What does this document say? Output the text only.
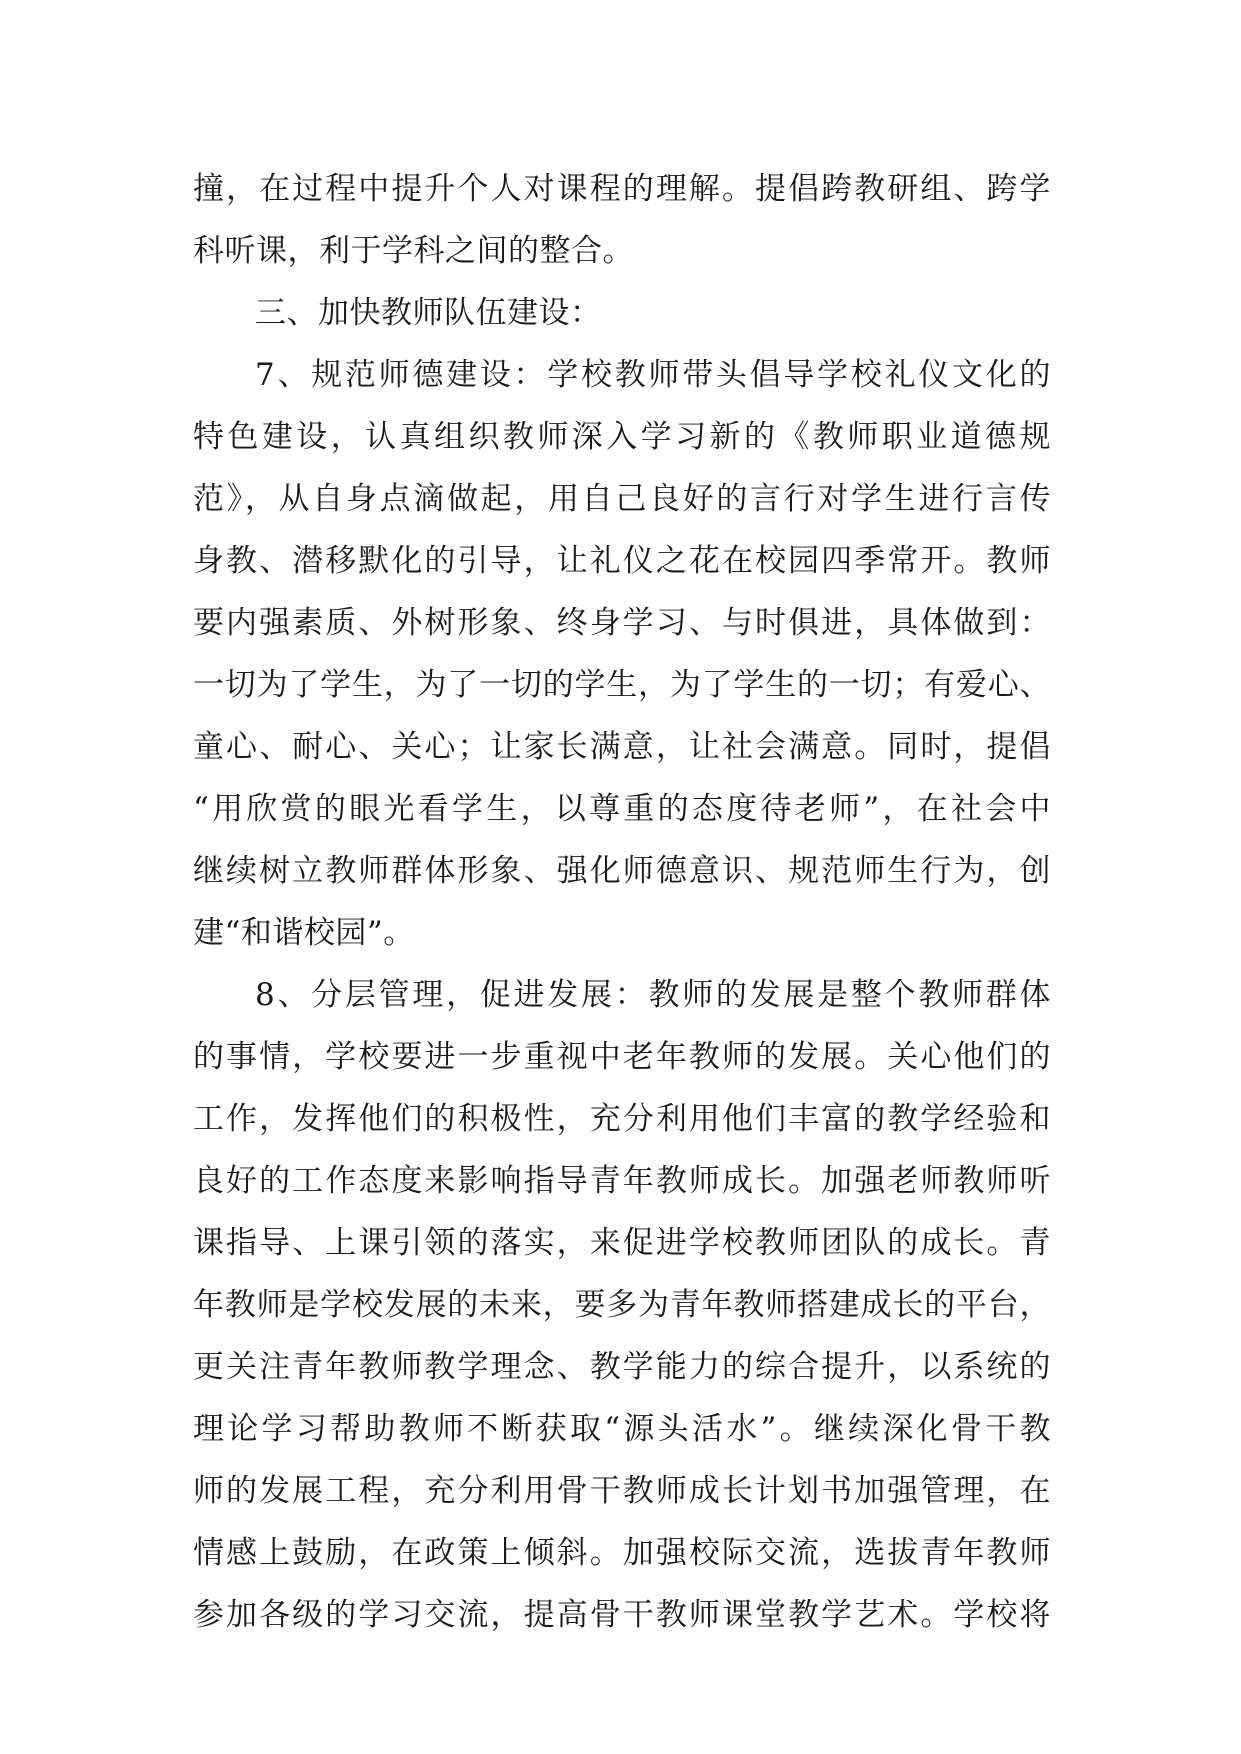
撞，在过程中提升个人对课程的理解。提倡跨教研组、跨学
科听课，利于学科之间的整合。
三、加快教师队伍建设：
7、规范师德建设：学校教师带头倡导学校礼仪文化的
特色建设，认真组织教师深入学习新的《教师职业道德规
范》，从自身点滴做起，用自己良好的言行对学生进行言传
身教、潜移默化的引导，让礼仪之花在校园四季常开。教师
要内强素质、外树形象、终身学习、与时俱进，具体做到：
一切为了学生，为了一切的学生，为了学生的一切；有爱心、
童心、耐心、关心；让家长满意，让社会满意。同时，提倡
“用欣赏的眼光看学生，以尊重的态度待老师”，在社会中
继续树立教师群体形象、强化师德意识、规范师生行为，创
建“和谐校园”。
8、分层管理，促进发展：教师的发展是整个教师群体
的事情，学校要进一步重视中老年教师的发展。关心他们的
工作，发挥他们的积极性，充分利用他们丰富的教学经验和
良好的工作态度来影响指导青年教师成长。加强老师教师听
课指导、上课引领的落实，来促进学校教师团队的成长。青
年教师是学校发展的未来，要多为青年教师搭建成长的平台，
更关注青年教师教学理念、教学能力的综合提升，以系统的
理论学习帮助教师不断获取“源头活水”。继续深化骨干教
师的发展工程，充分利用骨干教师成长计划书加强管理，在
情感上鼓励，在政策上倾斜。加强校际交流，选拔青年教师
参加各级的学习交流，提高骨干教师课堂教学艺术。学校将
